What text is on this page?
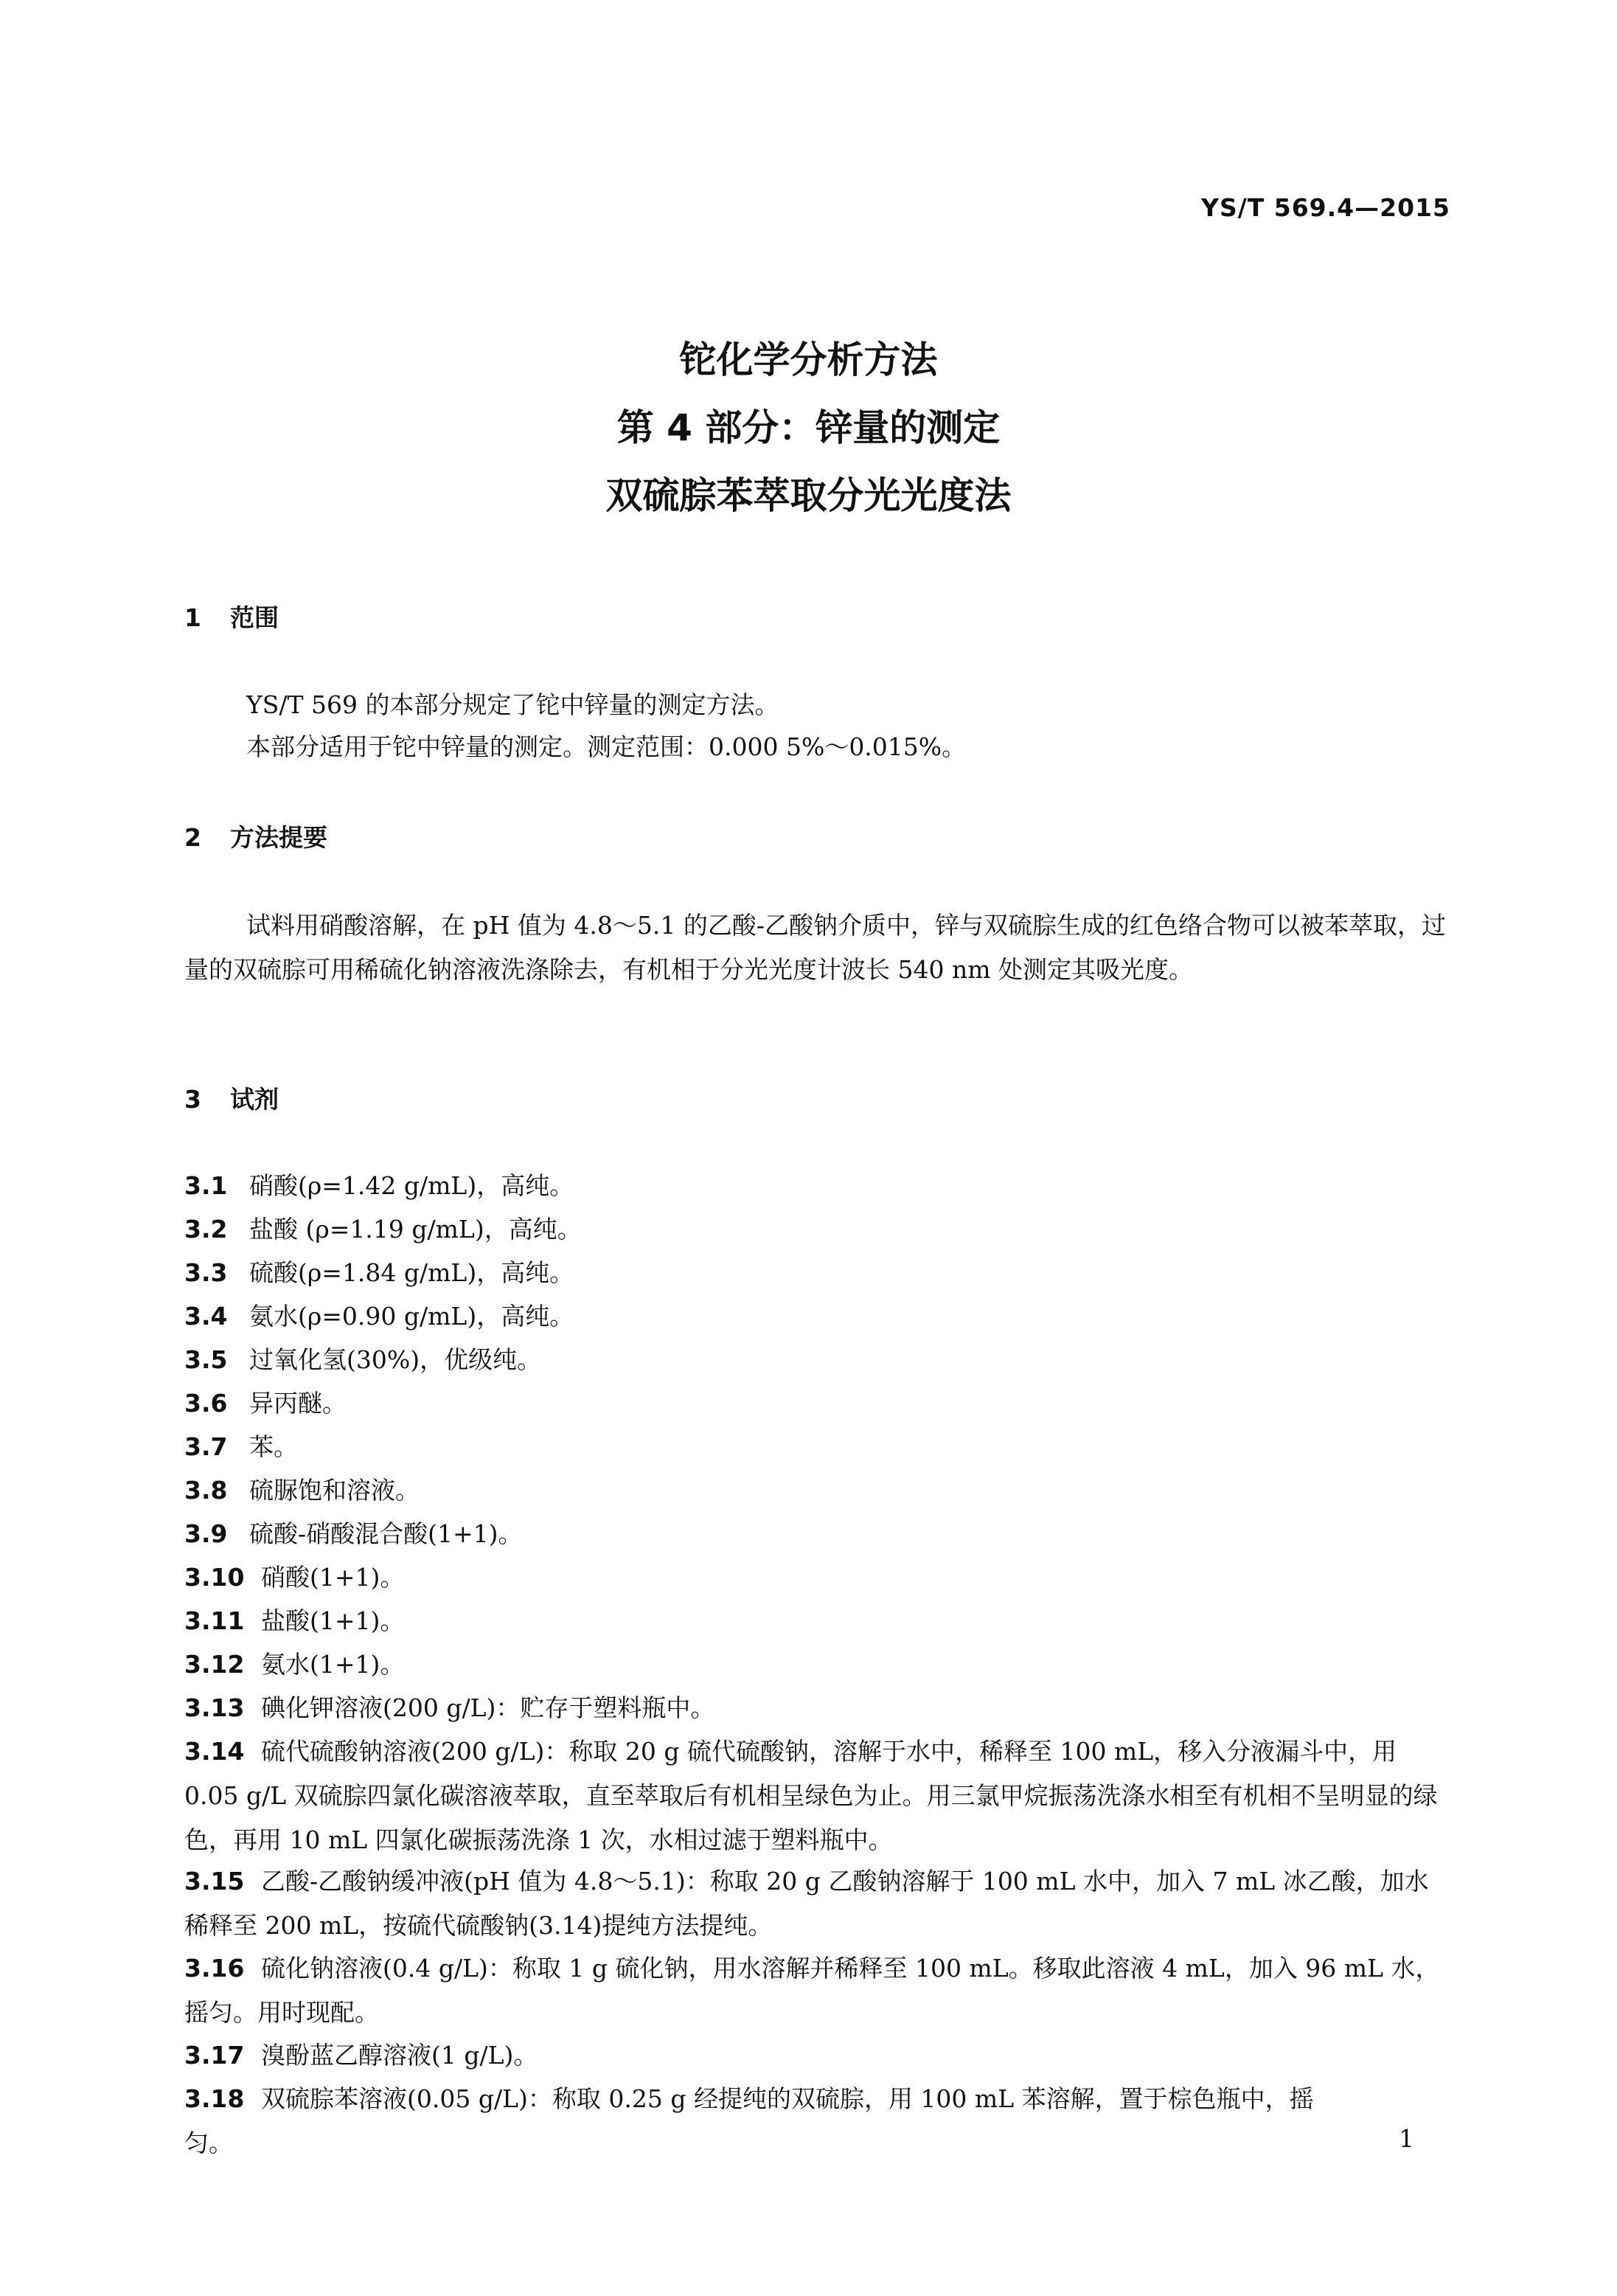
YS/T 569.4—2015
铊化学分析方法
第 4 部分：锌量的测定
双硫腙苯萃取分光光度法
1 范围
YS/T 569 的本部分规定了铊中锌量的测定方法。
本部分适用于铊中锌量的测定。测定范围：0.000 5%～0.015%。
2 方法提要
试料用硝酸溶解，在 pH 值为 4.8～5.1 的乙酸-乙酸钠介质中，锌与双硫腙生成的红色络合物可以被苯萃取，过量的双硫腙可用稀硫化钠溶液洗涤除去，有机相于分光光度计波长 540 nm 处测定其吸光度。
3 试剂
3.1 硝酸(ρ=1.42 g/mL)，高纯。
3.2 盐酸 (ρ=1.19 g/mL)，高纯。
3.3 硫酸(ρ=1.84 g/mL)，高纯。
3.4 氨水(ρ=0.90 g/mL)，高纯。
3.5 过氧化氢(30%)，优级纯。
3.6 异丙醚。
3.7 苯。
3.8 硫脲饱和溶液。
3.9 硫酸-硝酸混合酸(1+1)。
3.10 硝酸(1+1)。
3.11 盐酸(1+1)。
3.12 氨水(1+1)。
3.13 碘化钾溶液(200 g/L)：贮存于塑料瓶中。
3.14 硫代硫酸钠溶液(200 g/L)：称取 20 g 硫代硫酸钠，溶解于水中，稀释至 100 mL，移入分液漏斗中，用 0.05 g/L 双硫腙四氯化碳溶液萃取，直至萃取后有机相呈绿色为止。用三氯甲烷振荡洗涤水相至有机相不呈明显的绿色，再用 10 mL 四氯化碳振荡洗涤 1 次，水相过滤于塑料瓶中。
3.15 乙酸-乙酸钠缓冲液(pH 值为 4.8～5.1)：称取 20 g 乙酸钠溶解于 100 mL 水中，加入 7 mL 冰乙酸，加水稀释至 200 mL，按硫代硫酸钠(3.14)提纯方法提纯。
3.16 硫化钠溶液(0.4 g/L)：称取 1 g 硫化钠，用水溶解并稀释至 100 mL。移取此溶液 4 mL，加入 96 mL 水，摇匀。用时现配。
3.17 溴酚蓝乙醇溶液(1 g/L)。
3.18 双硫腙苯溶液(0.05 g/L)：称取 0.25 g 经提纯的双硫腙，用 100 mL 苯溶解，置于棕色瓶中，摇匀。	1
